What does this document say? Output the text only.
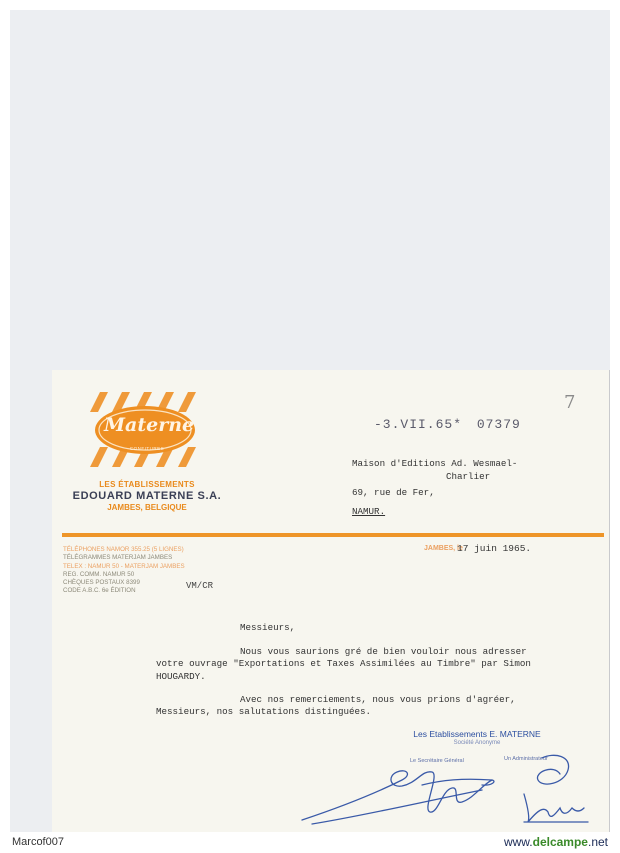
Materne
CONFITURES
LES ÉTABLISSEMENTS
EDOUARD MATERNE S.A.
JAMBES, BELGIQUE
-3.VII.65* 07379
7
Maison d'Editions Ad. Wesmael-
Charlier
69, rue de Fer,
NAMUR.
TÉLÉPHONES NAMOR 355.25 (5 LIGNES)
TÉLÉGRAMMES MATERJAM JAMBES
TELEX : NAMUR 50 - MATERJAM JAMBES
REG. COMM. NAMUR 50
CHÈQUES POSTAUX 8399
CODE A.B.C. 6e ÉDITION	VM/CR
JAMBES, le
17 juin 1965.
Messieurs,
Nous vous saurions gré de bien vouloir nous adresser
votre ouvrage "Exportations et Taxes Assimilées au Timbre" par Simon
HOUGARDY.
Avec nos remerciements, nous vous prions d'agréer,
Messieurs, nos salutations distinguées.
Les Etablissements E. MATERNE
Société Anonyme
Le Secrétaire Général	Un Administrateur
Marcof007	www.delcampe.net
